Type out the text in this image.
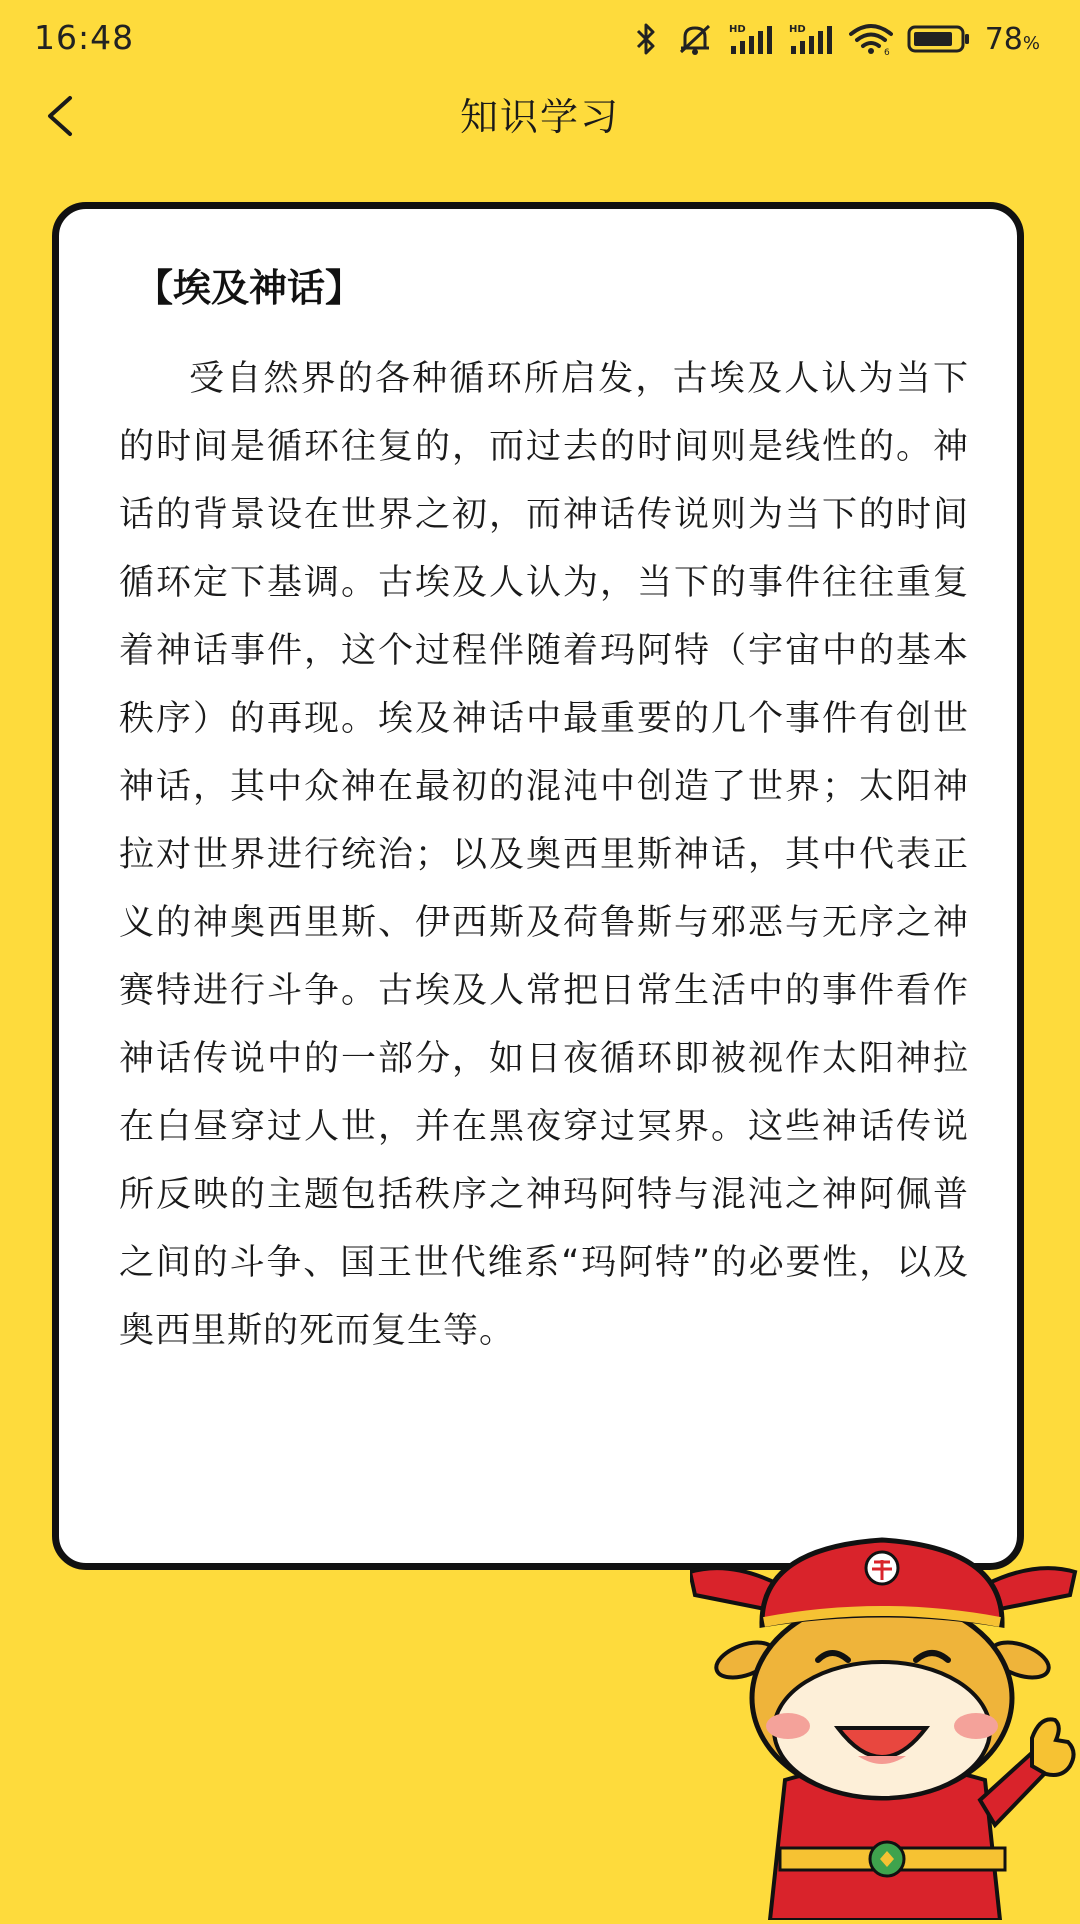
16:48	HD	HD
6	78%
知识学习
【埃及神话】

受自然界的各种循环所启发，古埃及人认为当下的时间是循环往复的，而过去的时间则是线性的。神话的背景设在世界之初，而神话传说则为当下的时间循环定下基调。古埃及人认为，当下的事件往往重复着神话事件，这个过程伴随着玛阿特（宇宙中的基本秩序）的再现。埃及神话中最重要的几个事件有创世神话，其中众神在最初的混沌中创造了世界；太阳神拉对世界进行统治；以及奥西里斯神话，其中代表正义的神奥西里斯、伊西斯及荷鲁斯与邪恶与无序之神赛特进行斗争。古埃及人常把日常生活中的事件看作神话传说中的一部分，如日夜循环即被视作太阳神拉在白昼穿过人世，并在黑夜穿过冥界。这些神话传说所反映的主题包括秩序之神玛阿特与混沌之神阿佩普之间的斗争、国王世代维系“玛阿特”的必要性，以及奥西里斯的死而复生等。
